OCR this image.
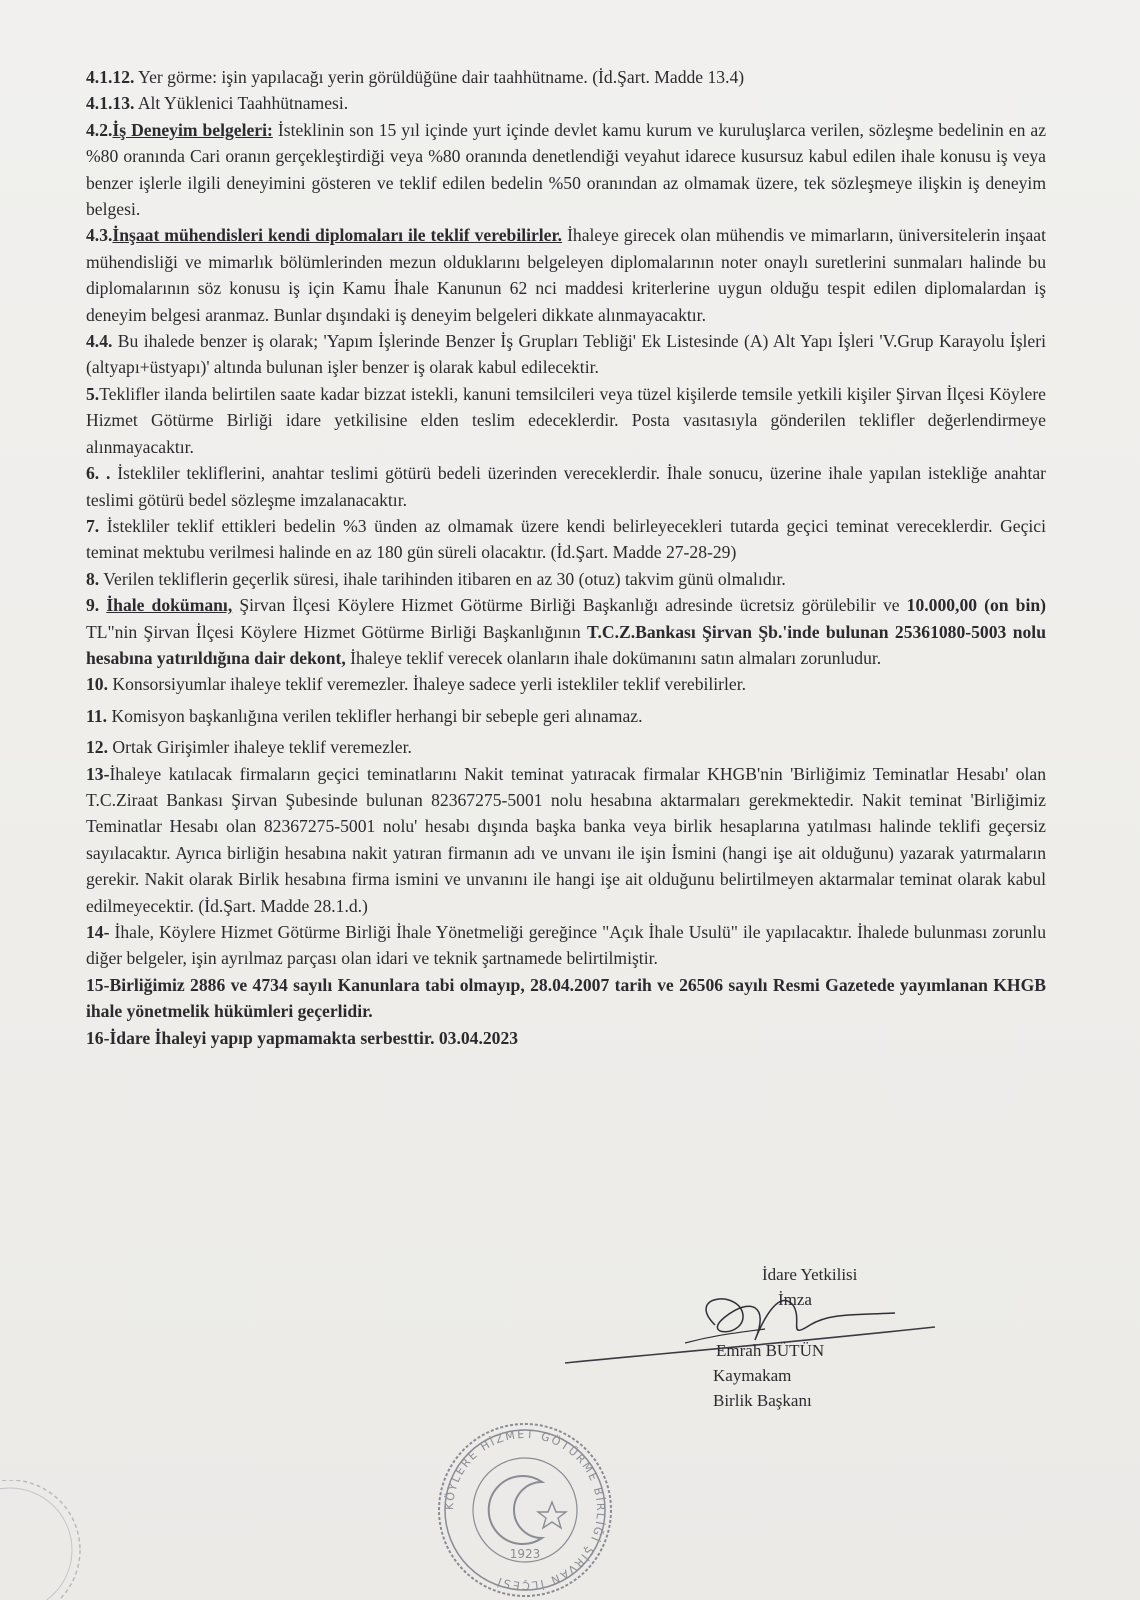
4.1.12. Yer görme: işin yapılacağı yerin görüldüğüne dair taahhütname. (İd.Şart. Madde 13.4)

4.1.13. Alt Yüklenici Taahhütnamesi.

4.2.İş Deneyim belgeleri: İsteklinin son 15 yıl içinde yurt içinde devlet kamu kurum ve kuruluşlarca verilen, sözleşme bedelinin en az %80 oranında Cari oranın gerçekleştirdiği veya %80 oranında denetlendiği veyahut idarece kusursuz kabul edilen ihale konusu iş veya benzer işlerle ilgili deneyimini gösteren ve teklif edilen bedelin %50 oranından az olmamak üzere, tek sözleşmeye ilişkin iş deneyim belgesi.

4.3.İnşaat mühendisleri kendi diplomaları ile teklif verebilirler. İhaleye girecek olan mühendis ve mimarların, üniversitelerin inşaat mühendisliği ve mimarlık bölümlerinden mezun olduklarını belgeleyen diplomalarının noter onaylı suretlerini sunmaları halinde bu diplomalarının söz konusu iş için Kamu İhale Kanunun 62 nci maddesi kriterlerine uygun olduğu tespit edilen diplomalardan iş deneyim belgesi aranmaz. Bunlar dışındaki iş deneyim belgeleri dikkate alınmayacaktır.

4.4. Bu ihalede benzer iş olarak; 'Yapım İşlerinde Benzer İş Grupları Tebliği' Ek Listesinde (A) Alt Yapı İşleri 'V.Grup Karayolu İşleri (altyapı+üstyapı)' altında bulunan işler benzer iş olarak kabul edilecektir.

5.Teklifler ilanda belirtilen saate kadar bizzat istekli, kanuni temsilcileri veya tüzel kişilerde temsile yetkili kişiler Şirvan İlçesi Köylere Hizmet Götürme Birliği idare yetkilisine elden teslim edeceklerdir. Posta vasıtasıyla gönderilen teklifler değerlendirmeye alınmayacaktır.

6. . İstekliler tekliflerini, anahtar teslimi götürü bedeli üzerinden vereceklerdir. İhale sonucu, üzerine ihale yapılan istekliğe anahtar teslimi götürü bedel sözleşme imzalanacaktır.

7. İstekliler teklif ettikleri bedelin %3 ünden az olmamak üzere kendi belirleyecekleri tutarda geçici teminat vereceklerdir. Geçici teminat mektubu verilmesi halinde en az 180 gün süreli olacaktır. (İd.Şart. Madde 27-28-29)

8. Verilen tekliflerin geçerlik süresi, ihale tarihinden itibaren en az 30 (otuz) takvim günü olmalıdır.

9. İhale dokümanı, Şirvan İlçesi Köylere Hizmet Götürme Birliği Başkanlığı adresinde ücretsiz görülebilir ve 10.000,00 (on bin) TL"nin Şirvan İlçesi Köylere Hizmet Götürme Birliği Başkanlığının T.C.Z.Bankası Şirvan Şb.'inde bulunan 25361080-5003 nolu hesabına yatırıldığına dair dekont, İhaleye teklif verecek olanların ihale dokümanını satın almaları zorunludur.

10. Konsorsiyumlar ihaleye teklif veremezler. İhaleye sadece yerli istekliler teklif verebilirler.

11. Komisyon başkanlığına verilen teklifler herhangi bir sebeple geri alınamaz.

12. Ortak Girişimler ihaleye teklif veremezler.

13-İhaleye katılacak firmaların geçici teminatlarını Nakit teminat yatıracak firmalar KHGB'nin 'Birliğimiz Teminatlar Hesabı' olan T.C.Ziraat Bankası Şirvan Şubesinde bulunan 82367275-5001 nolu hesabına aktarmaları gerekmektedir. Nakit teminat 'Birliğimiz Teminatlar Hesabı olan 82367275-5001 nolu' hesabı dışında başka banka veya birlik hesaplarına yatılması halinde teklifi geçersiz sayılacaktır. Ayrıca birliğin hesabına nakit yatıran firmanın adı ve unvanı ile işin İsmini (hangi işe ait olduğunu) yazarak yatırmaların gerekir. Nakit olarak Birlik hesabına firma ismini ve unvanını ile hangi işe ait olduğunu belirtilmeyen aktarmalar teminat olarak kabul edilmeyecektir. (İd.Şart. Madde 28.1.d.)

14- İhale, Köylere Hizmet Götürme Birliği İhale Yönetmeliği gereğince "Açık İhale Usulü" ile yapılacaktır. İhalede bulunması zorunlu diğer belgeler, işin ayrılmaz parçası olan idari ve teknik şartnamede belirtilmiştir.

15-Birliğimiz 2886 ve 4734 sayılı Kanunlara tabi olmayıp, 28.04.2007 tarih ve 26506 sayılı Resmi Gazetede yayımlanan KHGB ihale yönetmelik hükümleri geçerlidir.

16-İdare İhaleyi yapıp yapmamakta serbesttir. 03.04.2023

İdare Yetkilisi
İmza
Emrah BÜTÜN
Kaymakam
Birlik Başkanı
KÖYLERE HİZMET GÖTÜRME BİRLİĞİ ŞİRVAN İLÇESİ
1923
